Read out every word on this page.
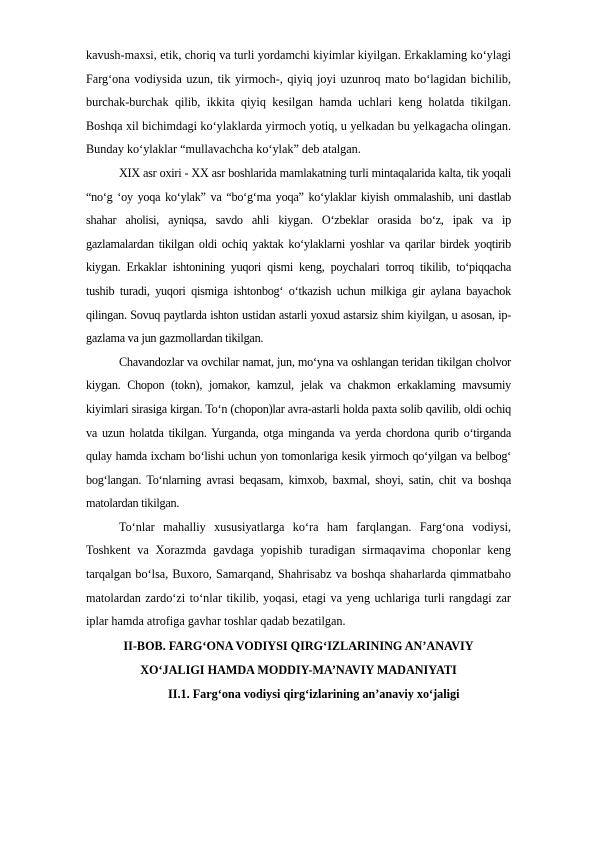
kavush-maxsi, etik, choriq va turli yordamchi kiyimlar kiyilgan. Erkaklaming ko‘ylagi Farg‘ona vodiysida uzun, tik yirmoch-, qiyiq joyi uzunroq mato bo‘lagidan bichilib, burchak-burchak qilib, ikkita qiyiq kesilgan hamda uchlari keng holatda tikilgan. Boshqa xil bichimdagi ko‘ylaklarda yirmoch yotiq, u yelkadan bu yelkagacha olingan. Bunday ko‘ylaklar “mullavachcha ko‘ylak” deb atalgan.

XIX asr oxiri - XX asr boshlarida mamlakatning turli mintaqalarida kalta, tik yoqali “no‘g ‘oy yoqa ko‘ylak” va “bo‘g‘ma yoqa” ko‘ylaklar kiyish ommalashib, uni dastlab shahar aholisi, ayniqsa, savdo ahli kiygan. O‘zbeklar orasida bo‘z, ipak va ip gazlamalardan tikilgan oldi ochiq yaktak ko‘ylaklarni yoshlar va qarilar birdek yoqtirib kiygan. Erkaklar ishtonining yuqori qismi keng, poychalari torroq tikilib, to‘piqqacha tushib turadi, yuqori qismiga ishtonbog‘ o‘tkazish uchun milkiga gir aylana bayachok qilingan. Sovuq paytlarda ishton ustidan astarli yoxud astarsiz shim kiyilgan, u asosan, ip-gazlama va jun gazmollardan tikilgan.

Chavandozlar va ovchilar namat, jun, mo‘yna va oshlangan teridan tikilgan cholvor kiygan. Chopon (tokn), jomakor, kamzul, jelak va chakmon erkaklaming mavsumiy kiyimlari sirasiga kirgan. To‘n (chopon)lar avra-astarli holda paxta solib qavilib, oldi ochiq va uzun holatda tikilgan. Yurganda, otga minganda va yerda chordona qurib o‘tirganda qulay hamda ixcham bo‘lishi uchun yon tomonlariga kesik yirmoch qo‘yilgan va belbog‘ bog‘langan. To‘nlarning avrasi beqasam, kimxob, baxmal, shoyi, satin, chit va boshqa matolardan tikilgan.

To‘nlar mahalliy xususiyatlarga ko‘ra ham farqlangan. Farg‘ona vodiysi, Toshkent va Xorazmda gavdaga yopishib turadigan sirmaqavima choponlar keng tarqalgan bo‘lsa, Buxoro, Samarqand, Shahrisabz va boshqa shaharlarda qimmatbaho matolardan zardo‘zi to‘nlar tikilib, yoqasi, etagi va yeng uchlariga turli rangdagi zar iplar hamda atrofiga gavhar toshlar qadab bezatilgan.

II-BOB. FARG‘ONA VODIYSI QIRG‘IZLARINING AN’ANAVIY

XO‘JALIGI HAMDA MODDIY-MA’NAVIY MADANIYATI

II.1. Farg‘ona vodiysi qirg‘izlarining an’anaviy xo‘jaligi
